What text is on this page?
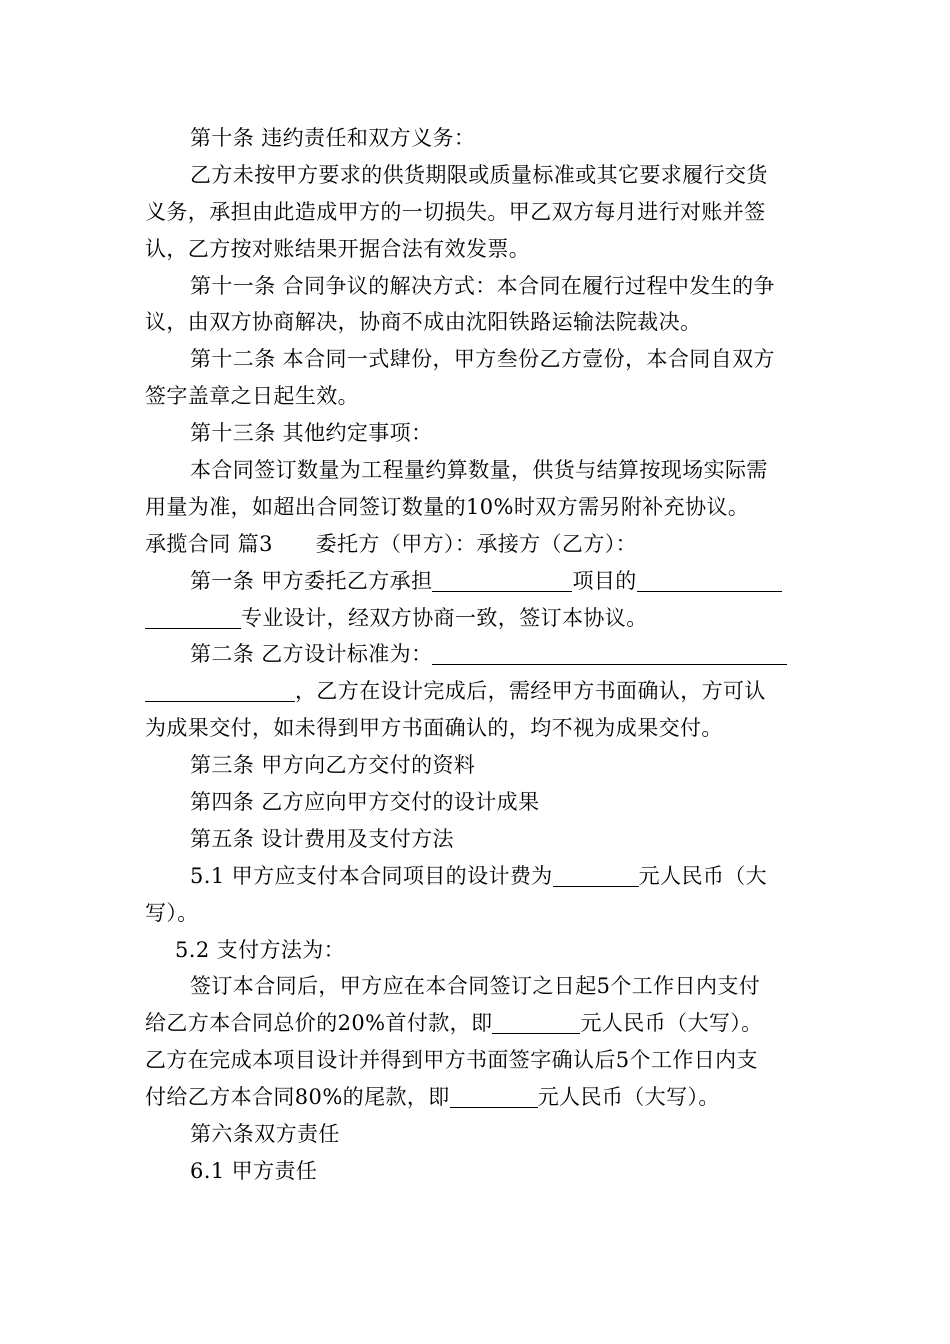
第十条 违约责任和双方义务：
乙方未按甲方要求的供货期限或质量标准或其它要求履行交货
义务，承担由此造成甲方的一切损失。甲乙双方每月进行对账并签
认，乙方按对账结果开据合法有效发票。
第十一条 合同争议的解决方式：本合同在履行过程中发生的争
议，由双方协商解决，协商不成由沈阳铁路运输法院裁决。
第十二条 本合同一式肆份，甲方叁份乙方壹份，本合同自双方
签字盖章之日起生效。
第十三条 其他约定事项：
本合同签订数量为工程量约算数量，供货与结算按现场实际需
用量为准，如超出合同签订数量的10%时双方需另附补充协议。
承揽合同 篇3　　委托方（甲方）：承接方（乙方）：
第一条 甲方委托乙方承担	项目的
专业设计，经双方协商一致，签订本协议。
第二条 乙方设计标准为：
，乙方在设计完成后，需经甲方书面确认，方可认
为成果交付，如未得到甲方书面确认的，均不视为成果交付。
第三条 甲方向乙方交付的资料
第四条 乙方应向甲方交付的设计成果
第五条 设计费用及支付方法
5.1 甲方应支付本合同项目的设计费为	元人民币（大
写）。
5.2 支付方法为：
签订本合同后，甲方应在本合同签订之日起5个工作日内支付
给乙方本合同总价的20%首付款，即	元人民币（大写）。
乙方在完成本项目设计并得到甲方书面签字确认后5个工作日内支
付给乙方本合同80%的尾款，即	元人民币（大写）。
第六条双方责任
6.1 甲方责任
